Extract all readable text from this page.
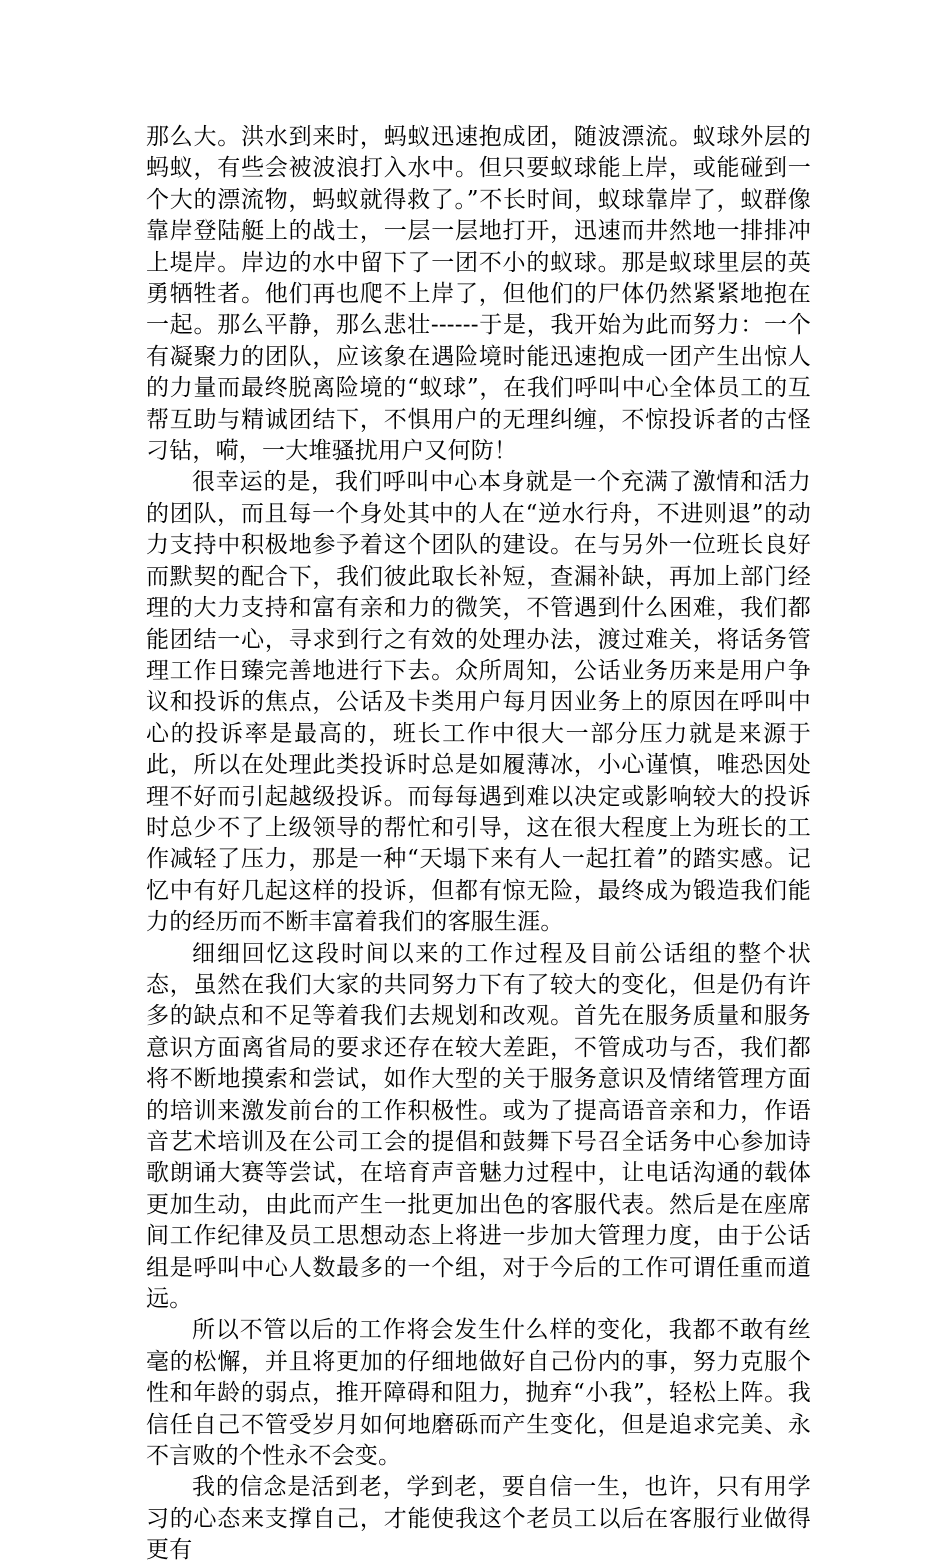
那么大。洪水到来时，蚂蚁迅速抱成团，随波漂流。蚁球外层的蚂蚁，有些会被波浪打入水中。但只要蚁球能上岸，或能碰到一个大的漂流物，蚂蚁就得救了。”不长时间，蚁球靠岸了，蚁群像靠岸登陆艇上的战士，一层一层地打开，迅速而井然地一排排冲上堤岸。岸边的水中留下了一团不小的蚁球。那是蚁球里层的英勇牺牲者。他们再也爬不上岸了，但他们的尸体仍然紧紧地抱在一起。那么平静，那么悲壮------于是，我开始为此而努力：一个有凝聚力的团队，应该象在遇险境时能迅速抱成一团产生出惊人的力量而最终脱离险境的“蚁球”，在我们呼叫中心全体员工的互帮互助与精诚团结下，不惧用户的无理纠缠，不惊投诉者的古怪刁钻，嗬，一大堆骚扰用户又何防！

很幸运的是，我们呼叫中心本身就是一个充满了激情和活力的团队，而且每一个身处其中的人在“逆水行舟，不进则退”的动力支持中积极地参予着这个团队的建设。在与另外一位班长良好而默契的配合下，我们彼此取长补短，查漏补缺，再加上部门经理的大力支持和富有亲和力的微笑，不管遇到什么困难，我们都能团结一心，寻求到行之有效的处理办法，渡过难关，将话务管理工作日臻完善地进行下去。众所周知，公话业务历来是用户争议和投诉的焦点，公话及卡类用户每月因业务上的原因在呼叫中心的投诉率是最高的，班长工作中很大一部分压力就是来源于此，所以在处理此类投诉时总是如履薄冰，小心谨慎，唯恐因处理不好而引起越级投诉。而每每遇到难以决定或影响较大的投诉时总少不了上级领导的帮忙和引导，这在很大程度上为班长的工作减轻了压力，那是一种“天塌下来有人一起扛着”的踏实感。记忆中有好几起这样的投诉，但都有惊无险，最终成为锻造我们能力的经历而不断丰富着我们的客服生涯。

细细回忆这段时间以来的工作过程及目前公话组的整个状态，虽然在我们大家的共同努力下有了较大的变化，但是仍有许多的缺点和不足等着我们去规划和改观。首先在服务质量和服务意识方面离省局的要求还存在较大差距，不管成功与否，我们都将不断地摸索和尝试，如作大型的关于服务意识及情绪管理方面的培训来激发前台的工作积极性。或为了提高语音亲和力，作语音艺术培训及在公司工会的提倡和鼓舞下号召全话务中心参加诗歌朗诵大赛等尝试，在培育声音魅力过程中，让电话沟通的载体更加生动，由此而产生一批更加出色的客服代表。然后是在座席间工作纪律及员工思想动态上将进一步加大管理力度，由于公话组是呼叫中心人数最多的一个组，对于今后的工作可谓任重而道远。

所以不管以后的工作将会发生什么样的变化，我都不敢有丝毫的松懈，并且将更加的仔细地做好自己份内的事，努力克服个性和年龄的弱点，推开障碍和阻力，抛弃“小我”，轻松上阵。我信任自己不管受岁月如何地磨砾而产生变化，但是追求完美、永不言败的个性永不会变。

我的信念是活到老，学到老，要自信一生，也许，只有用学习的心态来支撑自己，才能使我这个老员工以后在客服行业做得更有
